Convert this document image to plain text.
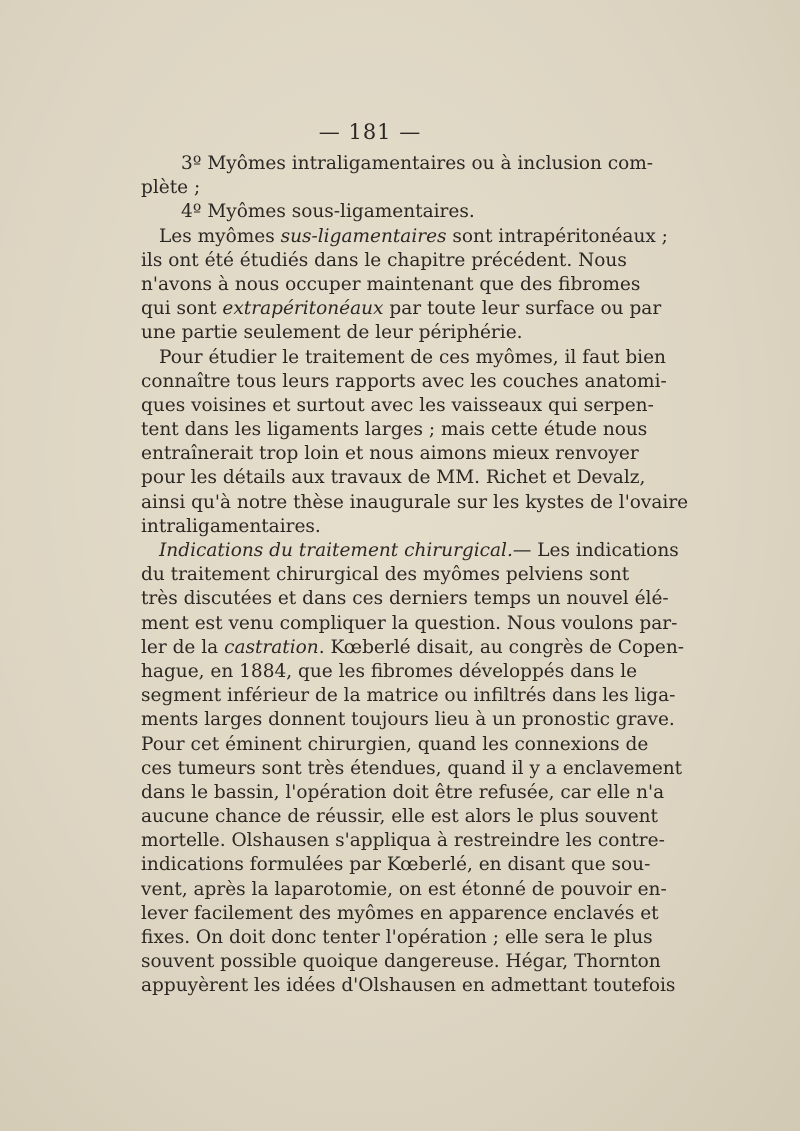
— 181 —
3º Myômes intraligamentaires ou à inclusion com-
plète ;
4º Myômes sous-ligamentaires.
Les myômes sus-ligamentaires sont intrapéritonéaux ;
ils ont été étudiés dans le chapitre précédent. Nous
n'avons à nous occuper maintenant que des fibromes
qui sont extrapéritonéaux par toute leur surface ou par
une partie seulement de leur périphérie.
Pour étudier le traitement de ces myômes, il faut bien
connaître tous leurs rapports avec les couches anatomi-
ques voisines et surtout avec les vaisseaux qui serpen-
tent dans les ligaments larges ; mais cette étude nous
entraînerait trop loin et nous aimons mieux renvoyer
pour les détails aux travaux de MM. Richet et Devalz,
ainsi qu'à notre thèse inaugurale sur les kystes de l'ovaire
intraligamentaires.
Indications du traitement chirurgical.— Les indications
du traitement chirurgical des myômes pelviens sont
très discutées et dans ces derniers temps un nouvel élé-
ment est venu compliquer la question. Nous voulons par-
ler de la castration. Kœberlé disait, au congrès de Copen-
hague, en 1884, que les fibromes développés dans le
segment inférieur de la matrice ou infiltrés dans les liga-
ments larges donnent toujours lieu à un pronostic grave.
Pour cet éminent chirurgien, quand les connexions de
ces tumeurs sont très étendues, quand il y a enclavement
dans le bassin, l'opération doit être refusée, car elle n'a
aucune chance de réussir, elle est alors le plus souvent
mortelle. Olshausen s'appliqua à restreindre les contre-
indications formulées par Kœberlé, en disant que sou-
vent, après la laparotomie, on est étonné de pouvoir en-
lever facilement des myômes en apparence enclavés et
fixes. On doit donc tenter l'opération ; elle sera le plus
souvent possible quoique dangereuse. Hégar, Thornton
appuyèrent les idées d'Olshausen en admettant toutefois
